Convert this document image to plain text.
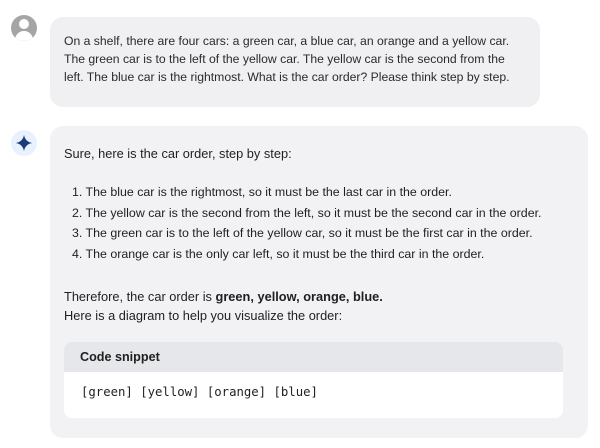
On a shelf, there are four cars: a green car, a blue car, an orange and a yellow car.
The green car is to the left of the yellow car. The yellow car is the second from the
left. The blue car is the rightmost. What is the car order? Please think step by step.
Sure, here is the car order, step by step:
1. The blue car is the rightmost, so it must be the last car in the order.
2. The yellow car is the second from the left, so it must be the second car in the order.
3. The green car is to the left of the yellow car, so it must be the first car in the order.
4. The orange car is the only car left, so it must be the third car in the order.
Therefore, the car order is green, yellow, orange, blue.
Here is a diagram to help you visualize the order:
Code snippet
[green] [yellow] [orange] [blue]
